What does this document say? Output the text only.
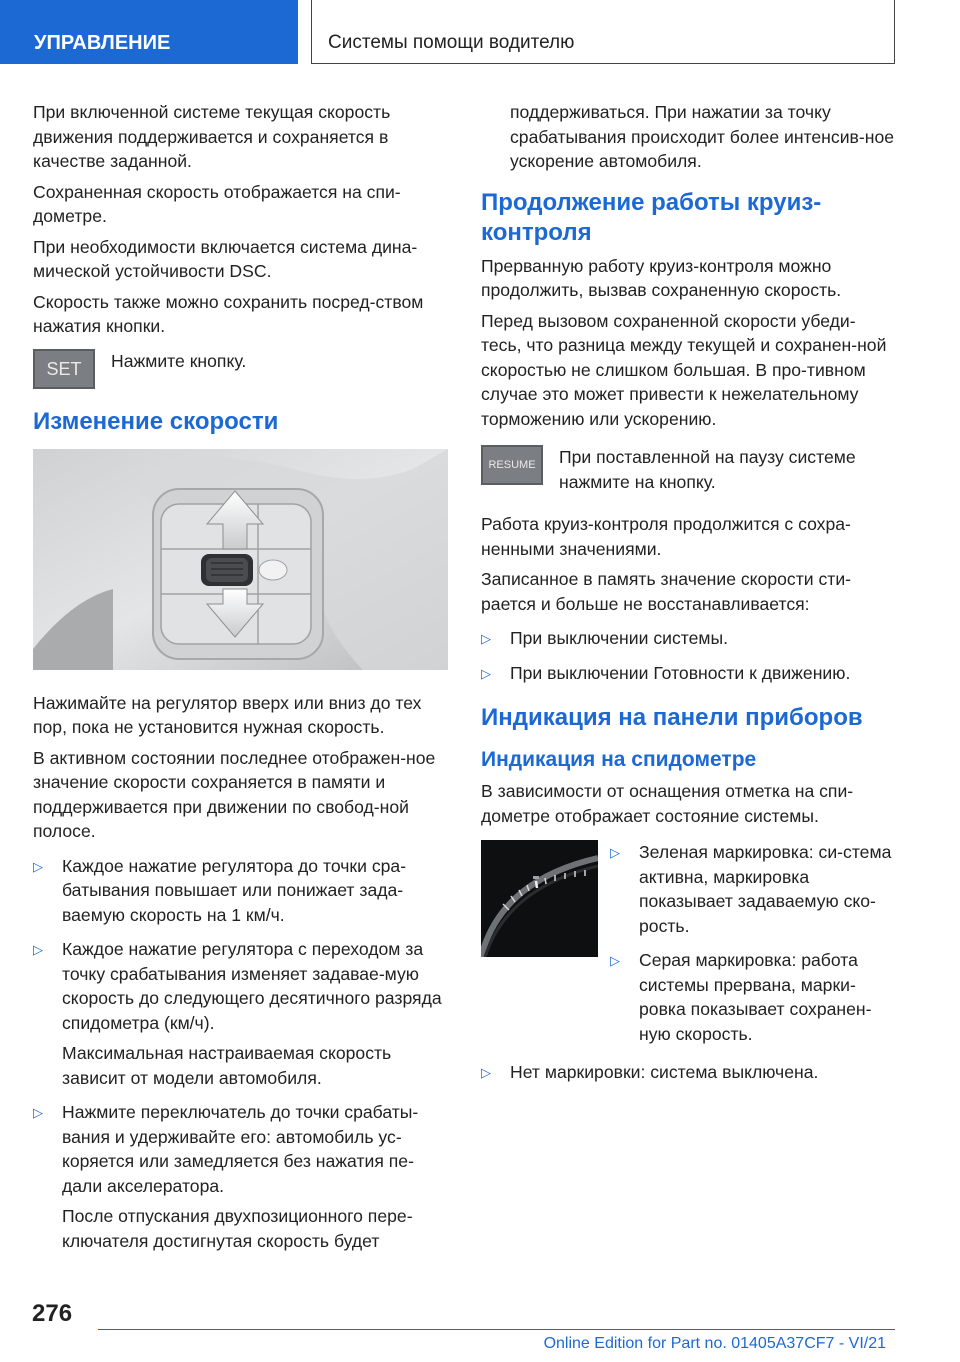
УПРАВЛЕНИЕ	Системы помощи водителю

При включенной системе текущая скорость движения поддерживается и сохраняется в качестве заданной.

Сохраненная скорость отображается на спи-дометре.

При необходимости включается система дина-мической устойчивости DSC.

Скорость также можно сохранить посред-ством нажатия кнопки.

SET	Нажмите кнопку.
Изменение скорости

Нажимайте на регулятор вверх или вниз до тех пор, пока не установится нужная скорость.

В активном состоянии последнее отображен-ное значение скорости сохраняется в памяти и поддерживается при движении по свобод-ной полосе.

▷ Каждое нажатие регулятора до точки сра-батывания повышает или понижает зада-ваемую скорость на 1 км/ч.
▷ Каждое нажатие регулятора с переходом за точку срабатывания изменяет задавае-мую скорость до следующего десятичного разряда спидометра (км/ч).
Максимальная настраиваемая скорость зависит от модели автомобиля.
▷ Нажмите переключатель до точки срабаты-вания и удерживайте его: автомобиль ус-коряется или замедляется без нажатия пе-дали акселератора.
После отпускания двухпозиционного пере-ключателя достигнутая скорость будет
поддерживаться. При нажатии за точку срабатывания происходит более интенсив-ное ускорение автомобиля.
Продолжение работы круиз-контроля

Прерванную работу круиз-контроля можно продолжить, вызвав сохраненную скорость.

Перед вызовом сохраненной скорости убеди-тесь, что разница между текущей и сохранен-ной скоростью не слишком большая. В про-тивном случае это может привести к нежелательному торможению или ускорению.

RESUME	При поставленной на паузу системе нажмите на кнопку.

Работа круиз-контроля продолжится с сохра-ненными значениями.

Записанное в память значение скорости сти-рается и больше не восстанавливается:

▷ При выключении системы.
▷ При выключении Готовности к движению.
Индикация на панели приборов
Индикация на спидометре

В зависимости от оснащения отметка на спи-дометре отображает состояние системы.

▷ Зеленая маркировка: си-стема активна, маркировка показывает задаваемую ско-рость.
▷ Серая маркировка: работа системы прервана, марки-ровка показывает сохранен-ную скорость.
▷ Нет маркировки: система выключена.
276
Online Edition for Part no. 01405A37CF7 - VI/21
